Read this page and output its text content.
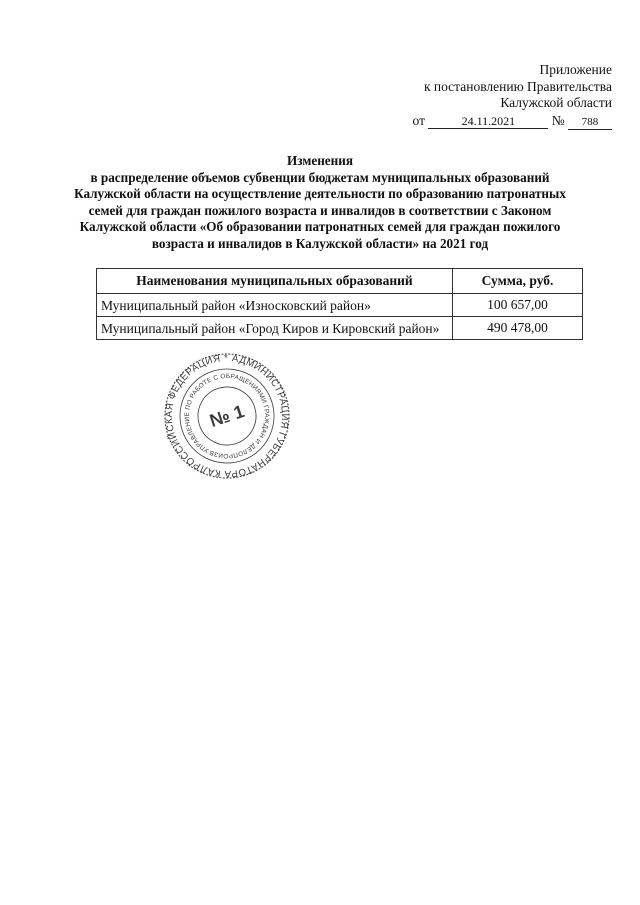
Приложение
к постановлению Правительства
Калужской области
от	24.11.2021	№ 788
Изменения
в распределение объемов субвенции бюджетам муниципальных образований Калужской области на осуществление деятельности по образованию патронатных семей для граждан пожилого возраста и инвалидов в соответствии с Законом Калужской области «Об образовании патронатных семей для граждан пожилого возраста и инвалидов в Калужской области» на 2021 год
Наименования муниципальных образований	Сумма, руб.
Муниципальный район «Износковский район»	100 657,00
Муниципальный район «Город Киров и Кировский район»	490 478,00
РОССИЙСКАЯ ФЕДЕРАЦИЯ * АДМИНИСТРАЦИЯ ГУБЕРНАТОРА КАЛУЖСКОЙ
УПРАВЛЕНИЕ ПО РАБОТЕ С ОБРАЩЕНИЯМИ ГРАЖДАН И ДЕЛОПРОИЗВОДСТВУ
№ 1
